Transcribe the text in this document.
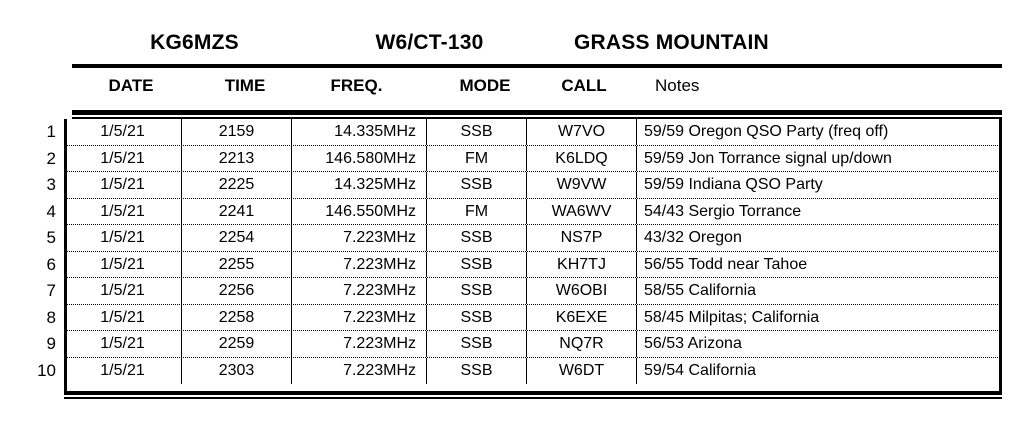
KG6MZS	W6/CT-130	GRASS MOUNTAIN
DATE	TIME	FREQ.	MODE	CALL	Notes
1	1/5/21	2159	14.335MHz	SSB	W7VO	59/59 Oregon QSO Party (freq off)
2	1/5/21	2213	146.580MHz	FM	K6LDQ	59/59 Jon Torrance signal up/down
3	1/5/21	2225	14.325MHz	SSB	W9VW	59/59 Indiana QSO Party
4	1/5/21	2241	146.550MHz	FM	WA6WV	54/43 Sergio Torrance
5	1/5/21	2254	7.223MHz	SSB	NS7P	43/32 Oregon
6	1/5/21	2255	7.223MHz	SSB	KH7TJ	56/55 Todd near Tahoe
7	1/5/21	2256	7.223MHz	SSB	W6OBI	58/55 California
8	1/5/21	2258	7.223MHz	SSB	K6EXE	58/45 Milpitas; California
9	1/5/21	2259	7.223MHz	SSB	NQ7R	56/53 Arizona
10	1/5/21	2303	7.223MHz	SSB	W6DT	59/54 California
